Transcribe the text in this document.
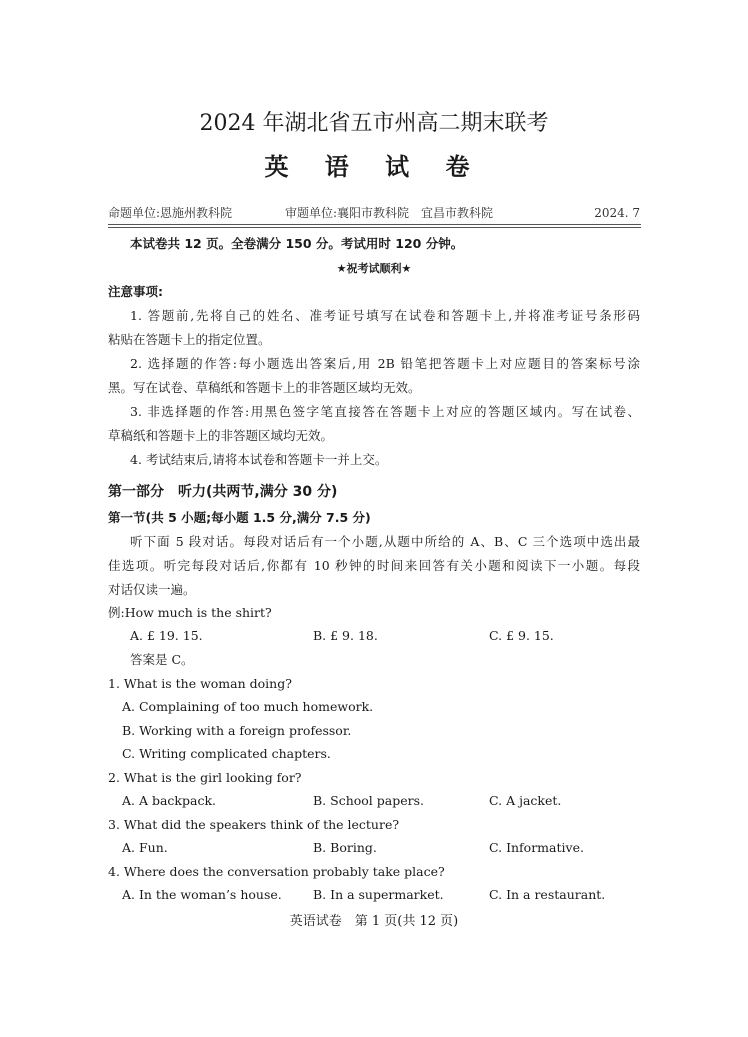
2024 年湖北省五市州高二期末联考
英 语 试 卷
命题单位:恩施州教科院	审题单位:襄阳市教科院　宜昌市教科院	2024. 7
本试卷共 12 页。全卷满分 150 分。考试用时 120 分钟。
★祝考试顺利★
注意事项:
1. 答题前,先将自己的姓名、准考证号填写在试卷和答题卡上,并将准考证号条形码
粘贴在答题卡上的指定位置。
2. 选择题的作答:每小题选出答案后,用 2B 铅笔把答题卡上对应题目的答案标号涂
黑。写在试卷、草稿纸和答题卡上的非答题区域均无效。
3. 非选择题的作答:用黑色签字笔直接答在答题卡上对应的答题区域内。写在试卷、
草稿纸和答题卡上的非答题区域均无效。
4. 考试结束后,请将本试卷和答题卡一并上交。
第一部分　听力(共两节,满分 30 分)
第一节(共 5 小题;每小题 1.5 分,满分 7.5 分)
听下面 5 段对话。每段对话后有一个小题,从题中所给的 A、B、C 三个选项中选出最
佳选项。听完每段对话后,你都有 10 秒钟的时间来回答有关小题和阅读下一小题。每段
对话仅读一遍。
例:How much is the shirt?
A. £ 19. 15.	B. £ 9. 18.	C. £ 9. 15.
答案是 C。
1. What is the woman doing?
A. Complaining of too much homework.
B. Working with a foreign professor.
C. Writing complicated chapters.
2. What is the girl looking for?
A. A backpack.	B. School papers.	C. A jacket.
3. What did the speakers think of the lecture?
A. Fun.	B. Boring.	C. Informative.
4. Where does the conversation probably take place?
A. In the woman’s house.	B. In a supermarket.	C. In a restaurant.
英语试卷　第 1 页(共 12 页)
